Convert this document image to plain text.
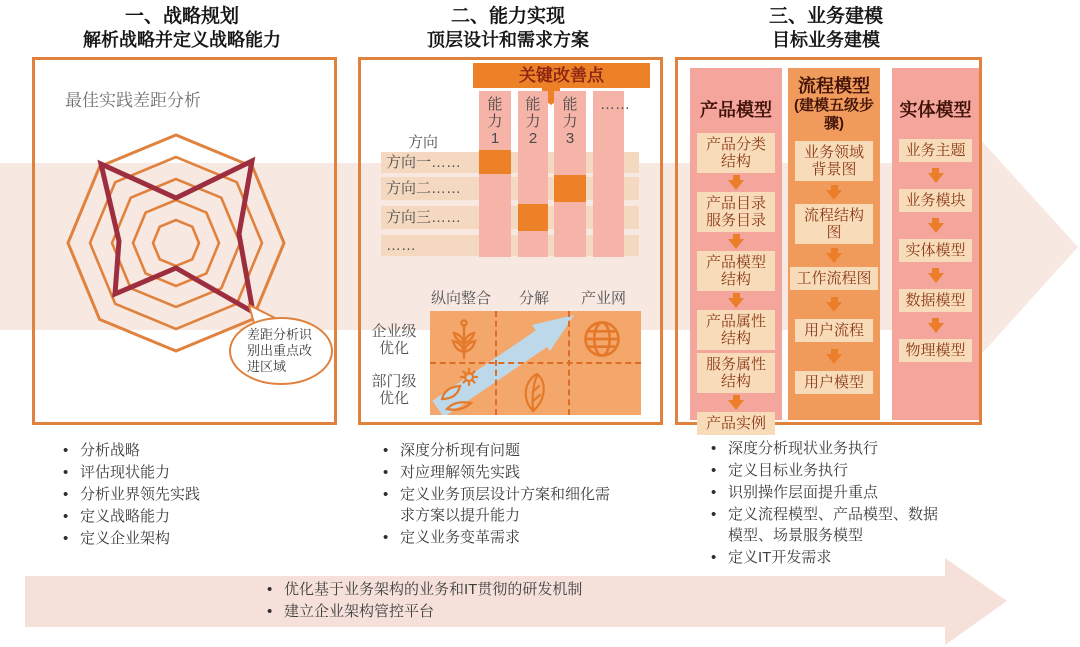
一、战略规划
解析战略并定义战略能力
二、能力实现
顶层设计和需求方案
三、业务建模
目标业务建模
最佳实践差距分析
差距分析识别出重点改进区域
关键改善点
方向
方向一……
方向二……
方向三……
……
能力1
能力2
能力3
……
纵向整合 分解 产业网
企业级优化
部门级优化
产品模型
产品分类结构
产品目录服务目录
产品模型结构
产品属性结构
服务属性结构
产品实例
流程模型
(建模五级步骤)
业务领域背景图
流程结构图
工作流程图
用户流程
用户模型
实体模型
业务主题
业务模块
实体模型
数据模型
物理模型
• 分析战略
• 评估现状能力
• 分析业界领先实践
• 定义战略能力
• 定义企业架构
• 深度分析现有问题
• 对应理解领先实践
• 定义业务顶层设计方案和细化需求方案以提升能力
• 定义业务变革需求
• 深度分析现状业务执行
• 定义目标业务执行
• 识别操作层面提升重点
• 定义流程模型、产品模型、数据模型、场景服务模型
• 定义IT开发需求
• 优化基于业务架构的业务和IT贯彻的研发机制
• 建立企业架构管控平台
